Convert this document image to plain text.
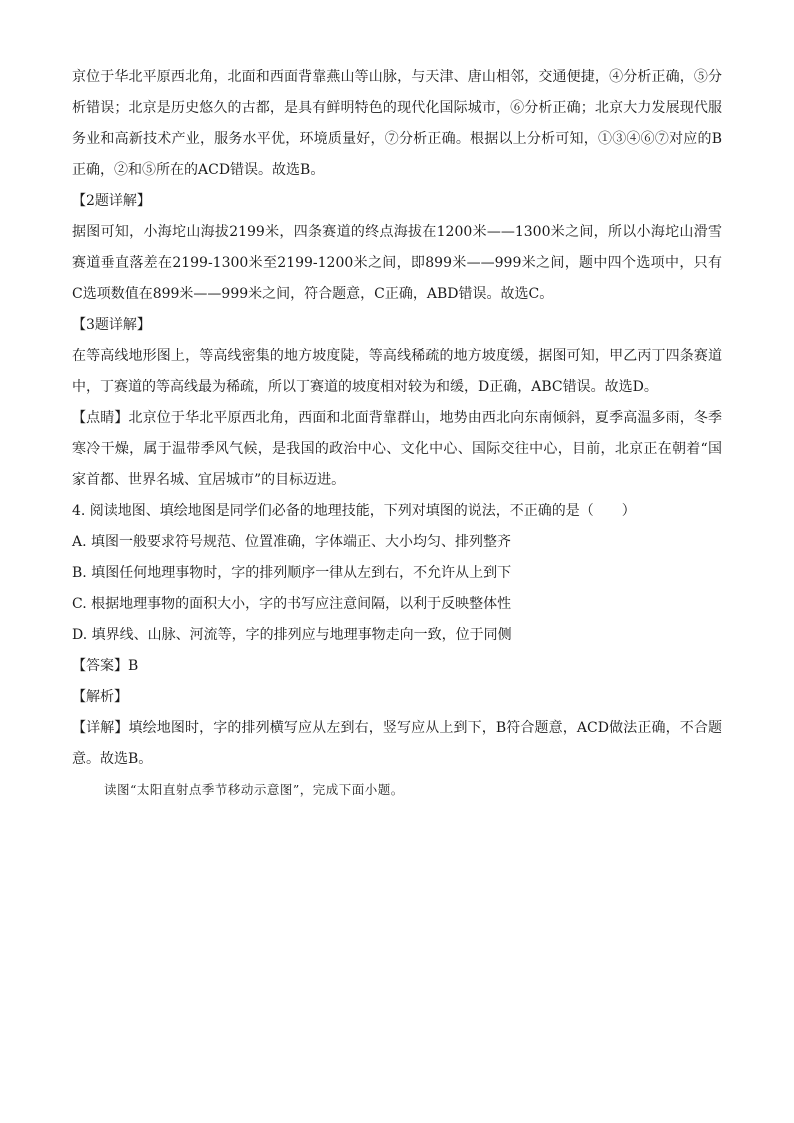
京位于华北平原西北角，北面和西面背靠燕山等山脉，与天津、唐山相邻，交通便捷，④分析正确，⑤分析错误；北京是历史悠久的古都，是具有鲜明特色的现代化国际城市，⑥分析正确；北京大力发展现代服务业和高新技术产业，服务水平优，环境质量好，⑦分析正确。根据以上分析可知，①③④⑥⑦对应的B正确，②和⑤所在的ACD错误。故选B。

【2题详解】

据图可知，小海坨山海拔2199米，四条赛道的终点海拔在1200米——1300米之间，所以小海坨山滑雪赛道垂直落差在2199-1300米至2199-1200米之间，即899米——999米之间，题中四个选项中，只有C选项数值在899米——999米之间，符合题意，C正确，ABD错误。故选C。

【3题详解】

在等高线地形图上，等高线密集的地方坡度陡，等高线稀疏的地方坡度缓，据图可知，甲乙丙丁四条赛道中，丁赛道的等高线最为稀疏，所以丁赛道的坡度相对较为和缓，D正确，ABC错误。故选D。

【点睛】北京位于华北平原西北角，西面和北面背靠群山，地势由西北向东南倾斜，夏季高温多雨，冬季寒冷干燥，属于温带季风气候，是我国的政治中心、文化中心、国际交往中心，目前，北京正在朝着“国家首都、世界名城、宜居城市”的目标迈进。

4. 阅读地图、填绘地图是同学们必备的地理技能，下列对填图的说法，不正确的是（　　）

A. 填图一般要求符号规范、位置准确，字体端正、大小均匀、排列整齐

B. 填图任何地理事物时，字的排列顺序一律从左到右，不允许从上到下

C. 根据地理事物的面积大小，字的书写应注意间隔，以利于反映整体性

D. 填界线、山脉、河流等，字的排列应与地理事物走向一致，位于同侧

【答案】B

【解析】

【详解】填绘地图时，字的排列横写应从左到右，竖写应从上到下，B符合题意，ACD做法正确，不合题意。故选B。

读图“太阳直射点季节移动示意图”，完成下面小题。
